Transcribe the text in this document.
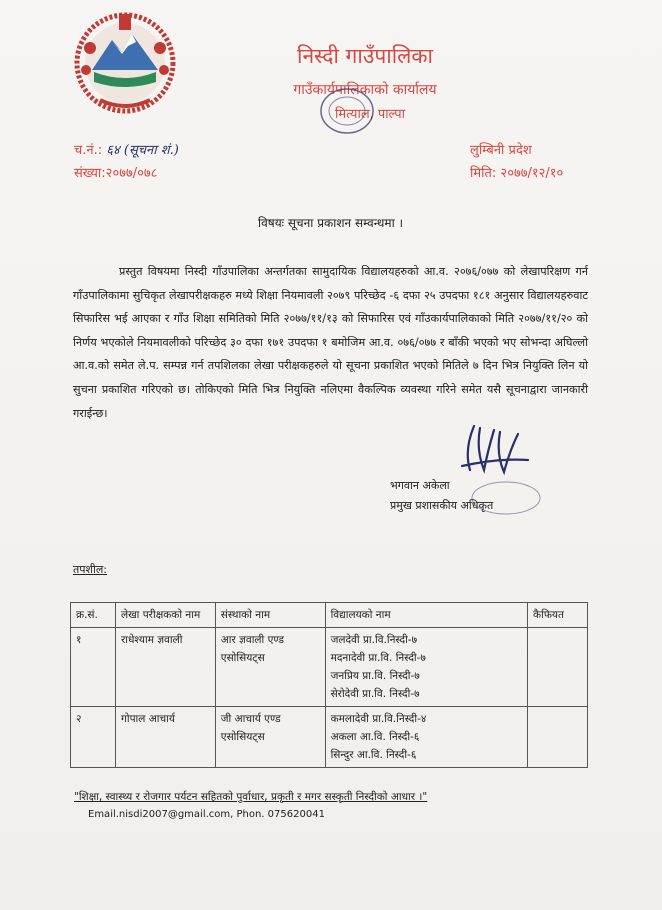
निस्दी गाउँपालिका
गाउँकार्यपालिकाको कार्यालय
मित्याल, पाल्पा
च.नं.: ६४ (सूचना शं.)
संख्या:२०७७/०७८
लुम्बिनी प्रदेश
मिति: २०७७/१२/१०
विषयः सूचना प्रकाशन सम्वन्धमा ।
प्रस्तुत विषयमा निस्दी गाँउपालिका अन्तर्गतका सामुदायिक विद्यालयहरुको आ.व. २०७६/०७७ को लेखापरिक्षण गर्न गाँउपालिकामा सुचिकृत लेखापरीक्षकहरु मध्ये शिक्षा नियमावली २०७९ परिच्छेद -६ दफा २५ उपदफा १८१ अनुसार विद्यालयहरुवाट सिफारिस भई आएका र गाँउ शिक्षा समितिको मिति २०७७/११/१३ को सिफारिस एवं गाँउकार्यपालिकाको मिति २०७७/११/२० को निर्णय भएकोले नियमावलीको परिच्छेद ३० दफा १७१ उपदफा १ बमोजिम आ.व. ०७६/०७७ र बाँकी भएको भए सोभन्दा अघिल्लो आ.व.को समेत ले.प. सम्पन्न गर्न तपशिलका लेखा परीक्षकहरुले यो सूचना प्रकाशित भएको मितिले ७ दिन भित्र नियुक्ति लिन यो सुचना प्रकाशित गरिएको छ। तोकिएको मिति भित्र नियुक्ति नलिएमा वैकल्पिक व्यवस्था गरिने समेत यसै सूचनाद्वारा जानकारी गराईन्छ।
भगवान अकेला
प्रमुख प्रशासकीय अधिकृत
तपशील:
क्र.सं.	लेखा परीक्षकको नाम	संस्थाको नाम	विद्यालयको नाम	कैफियत
१	राधेश्याम ज्ञवाली	आर ज्ञवाली एण्ड एसोसियट्स	जलदेवी प्रा.वि.निस्दी-७
मदनादेवी प्रा.वि. निस्दी-७
जनप्रिय प्रा.वि. निस्दी-७
सेरोदेवी प्रा.वि. निस्दी-७	

२	गोपाल आचार्य	जी आचार्य एण्ड एसोसियट्स	कमलादेवी प्रा.वि.निस्दी-४
अकला आ.वि. निस्दी-६
सिन्दुर आ.वि. निस्दी-६	

"शिक्षा, स्वास्थ्य र रोजगार पर्यटन सहितको पुर्वाधार, प्रकृती र मगर सस्कृती निस्दीको आधार ।"
Email.nisdi2007@gmail.com, Phon. 075620041
